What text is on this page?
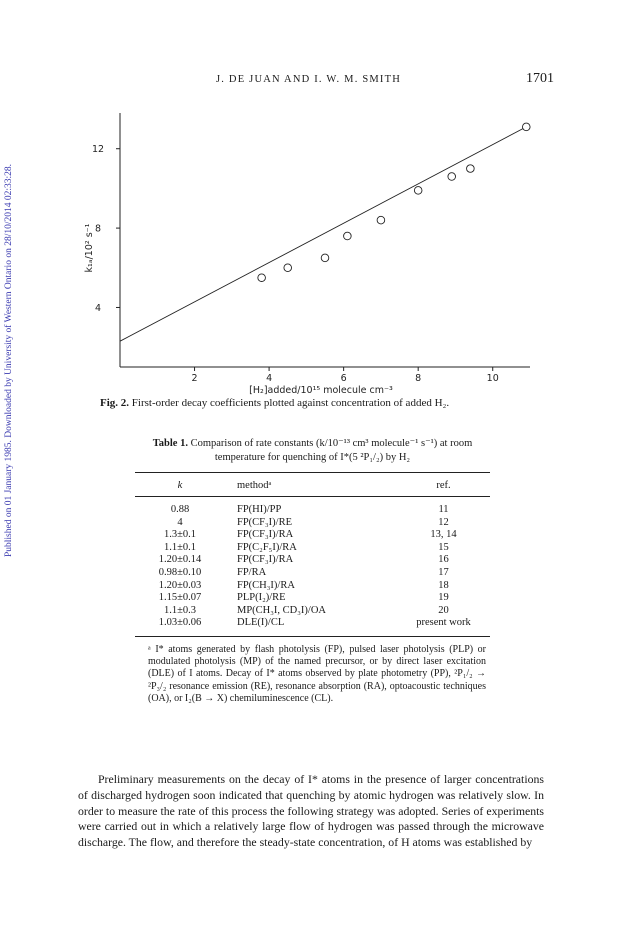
Published on 01 January 1985. Downloaded by University of Western Ontario on 28/10/2014 02:33:28.
J. DE JUAN AND I. W. M. SMITH	1701
2	4	6	8	10
4
8
12
k₁ₐ/10² s⁻¹
[H₂]added/10¹⁵ molecule cm⁻³
Fig. 2. First-order decay coefficients plotted against concentration of added H₂.
Table 1. Comparison of rate constants (k/10⁻¹³ cm³ molecule⁻¹ s⁻¹) at room temperature for quenching of I*(5 ²P₁/₂) by H₂
k	methodᵃ	ref.
0.88	FP(HI)/PP	11
4	FP(CF₃I)/RE	12
1.3±0.1	FP(CF₃I)/RA	13, 14
1.1±0.1	FP(C₂F₅I)/RA	15
1.20±0.14	FP(CF₃I)/RA	16
0.98±0.10	FP/RA	17
1.20±0.03	FP(CH₃I)/RA	18
1.15±0.07	PLP(I₂)/RE	19
1.1±0.3	MP(CH₃I, CD₃I)/OA	20
1.03±0.06	DLE(I)/CL	present work
ᵃ I* atoms generated by flash photolysis (FP), pulsed laser photolysis (PLP) or modulated photolysis (MP) of the named precursor, or by direct laser excitation (DLE) of I atoms. Decay of I* atoms observed by plate photometry (PP), ²P₁/₂ → ²P₃/₂ resonance emission (RE), resonance absorption (RA), optoacoustic techniques (OA), or I₂(B → X) chemiluminescence (CL).

Preliminary measurements on the decay of I* atoms in the presence of larger concentrations of discharged hydrogen soon indicated that quenching by atomic hydrogen was relatively slow. In order to measure the rate of this process the following strategy was adopted. Series of experiments were carried out in which a relatively large flow of hydrogen was passed through the microwave discharge. The flow, and therefore the steady-state concentration, of H atoms was established by
